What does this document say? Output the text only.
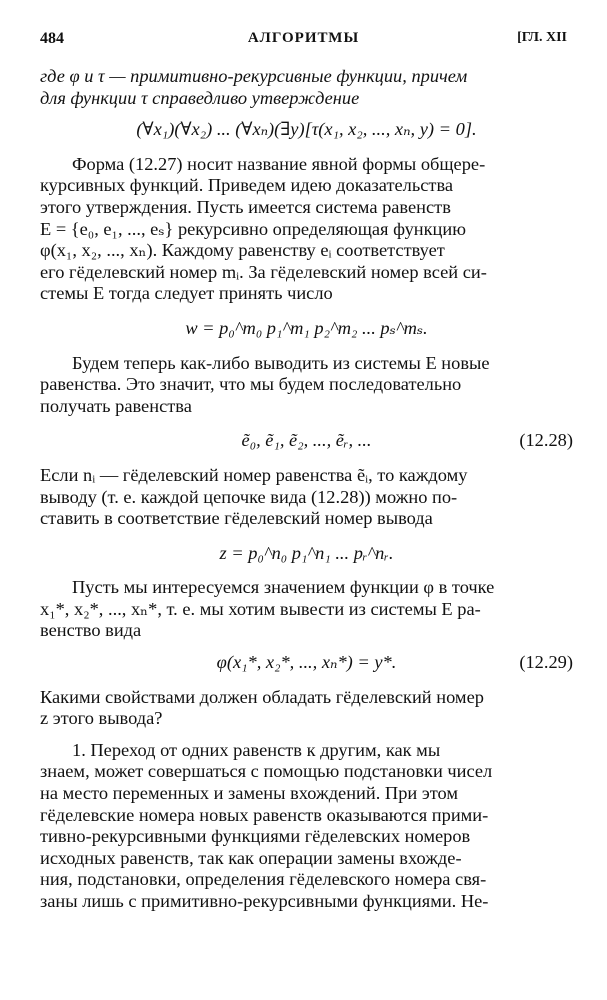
484	АЛГОРИТМЫ	[ГЛ. XII

где φ и τ — примитивно-рекурсивные функции, причем

для функции τ справедливо утверждение

(∀x₁)(∀x₂) ... (∀xₙ)(∃y)[τ(x₁, x₂, ..., xₙ, y) = 0].

Форма (12.27) носит название явной формы общере-

курсивных функций. Приведем идею доказательства

этого утверждения. Пусть имеется система равенств

E = {e₀, e₁, ..., eₛ} рекурсивно определяющая функцию

φ(x₁, x₂, ..., xₙ). Каждому равенству eᵢ соответствует

его гёделевский номер mᵢ. За гёделевский номер всей си-

стемы E тогда следует принять число

w = p₀^m₀ p₁^m₁ p₂^m₂ ... pₛ^mₛ.

Будем теперь как-либо выводить из системы E новые

равенства. Это значит, что мы будем последовательно

получать равенства

ẽ₀, ẽ₁, ẽ₂, ..., ẽᵣ, ...	(12.28)

Если nᵢ — гёделевский номер равенства ẽᵢ, то каждому

выводу (т. е. каждой цепочке вида (12.28)) можно по-

ставить в соответствие гёделевский номер вывода

z = p₀^n₀ p₁^n₁ ... pᵣ^nᵣ.

Пусть мы интересуемся значением функции φ в точке

x₁*, x₂*, ..., xₙ*, т. е. мы хотим вывести из системы E ра-

венство вида

φ(x₁*, x₂*, ..., xₙ*) = y*.	(12.29)

Какими свойствами должен обладать гёделевский номер

z этого вывода?

1. Переход от одних равенств к другим, как мы

знаем, может совершаться с помощью подстановки чисел

на место переменных и замены вхождений. При этом

гёделевские номера новых равенств оказываются прими-

тивно-рекурсивными функциями гёделевских номеров

исходных равенств, так как операции замены вхожде-

ния, подстановки, определения гёделевского номера свя-

заны лишь с примитивно-рекурсивными функциями. Не-
